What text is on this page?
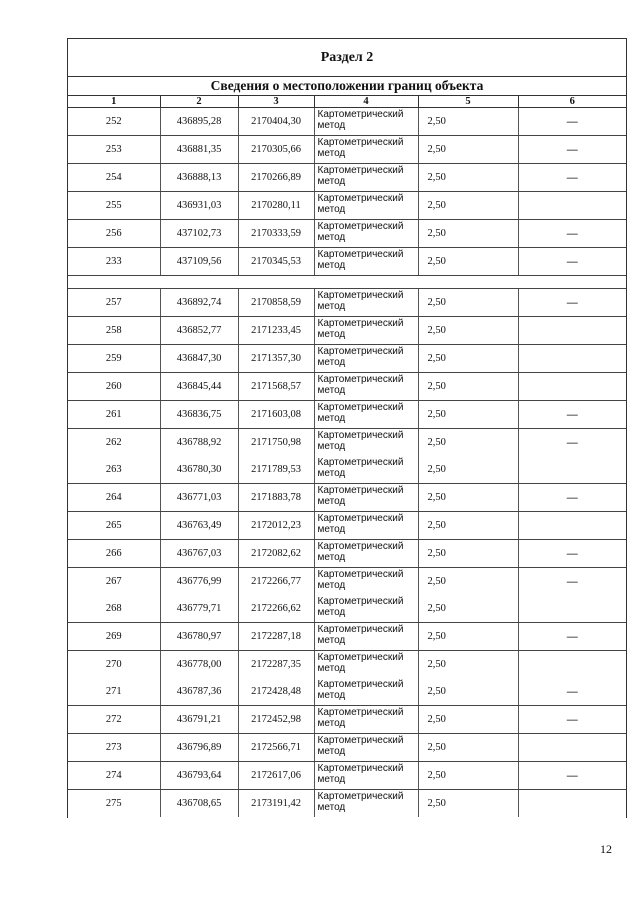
Раздел 2
Сведения о местоположении границ объекта
1	2	3	4	5	6
252	436895,28	2170404,30	Картометрический метод	2,50	—
253	436881,35	2170305,66	Картометрический метод	2,50	—
254	436888,13	2170266,89	Картометрический метод	2,50	—
255	436931,03	2170280,11	Картометрический метод	2,50	
256	437102,73	2170333,59	Картометрический метод	2,50	—
233	437109,56	2170345,53	Картометрический метод	2,50	—

257	436892,74	2170858,59	Картометрический метод	2,50	—
258	436852,77	2171233,45	Картометрический метод	2,50	
259	436847,30	2171357,30	Картометрический метод	2,50	
260	436845,44	2171568,57	Картометрический метод	2,50	
261	436836,75	2171603,08	Картометрический метод	2,50	—
262	436788,92	2171750,98	Картометрический метод	2,50	—
263	436780,30	2171789,53	Картометрический метод	2,50	
264	436771,03	2171883,78	Картометрический метод	2,50	—
265	436763,49	2172012,23	Картометрический метод	2,50	
266	436767,03	2172082,62	Картометрический метод	2,50	—
267	436776,99	2172266,77	Картометрический метод	2,50	—
268	436779,71	2172266,62	Картометрический метод	2,50	
269	436780,97	2172287,18	Картометрический метод	2,50	—
270	436778,00	2172287,35	Картометрический метод	2,50	
271	436787,36	2172428,48	Картометрический метод	2,50	—
272	436791,21	2172452,98	Картометрический метод	2,50	—
273	436796,89	2172566,71	Картометрический метод	2,50	
274	436793,64	2172617,06	Картометрический метод	2,50	—
275	436708,65	2173191,42	Картометрический метод	2,50	
12
